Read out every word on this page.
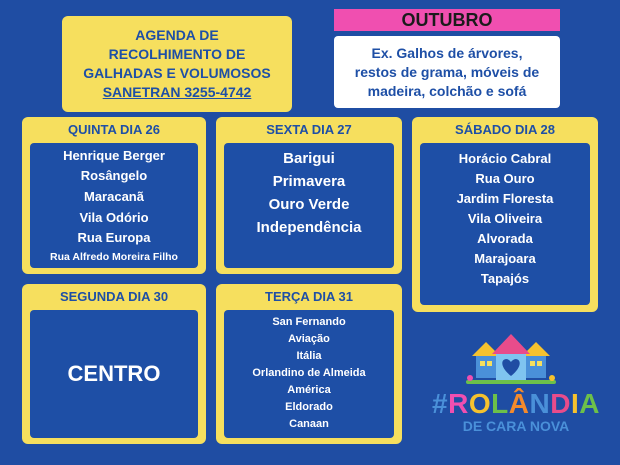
AGENDA DE
RECOLHIMENTO DE
GALHADAS E VOLUMOSOS
SANETRAN 3255-4742
OUTUBRO
Ex. Galhos de árvores,
restos de grama, móveis de
madeira, colchão e sofá
QUINTA DIA 26
Henrique Berger
Rosângelo
Maracanã
Vila Odório
Rua Europa
Rua Alfredo Moreira Filho
SEXTA DIA 27
Barigui
Primavera
Ouro Verde
Independência
SÁBADO DIA 28
Horácio Cabral
Rua Ouro
Jardim Floresta
Vila Oliveira
Alvorada
Marajoara
Tapajós
SEGUNDA DIA 30
CENTRO
TERÇA DIA 31
San Fernando
Aviação
Itália
Orlandino de Almeida
América
Eldorado
Canaan
#ROLÂNDIA
DE CARA NOVA
